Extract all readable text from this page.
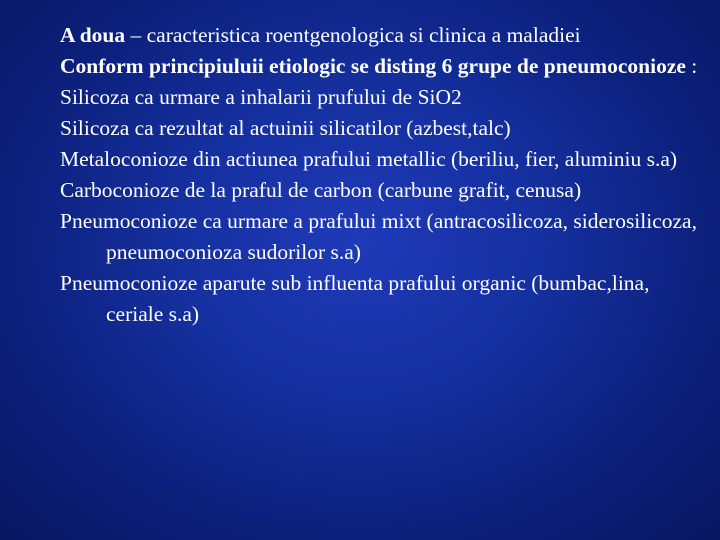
A doua – caracteristica roentgenologica si clinica a maladiei

Conform principiuluii etiologic se disting 6 grupe de pneumoconioze :

Silicoza ca urmare a inhalarii prufului de SiO2

Silicoza ca rezultat al actuinii silicatilor (azbest,talc)

Metaloconioze din actiunea prafului metallic (beriliu, fier, aluminiu s.a)

Carboconioze de la praful de carbon (carbune grafit, cenusa)

Pneumoconioze ca urmare a prafului mixt (antracosilicoza, siderosilicoza, pneumoconioza sudorilor s.a)

Pneumoconioze aparute sub influenta prafului organic (bumbac,lina, ceriale s.a)
